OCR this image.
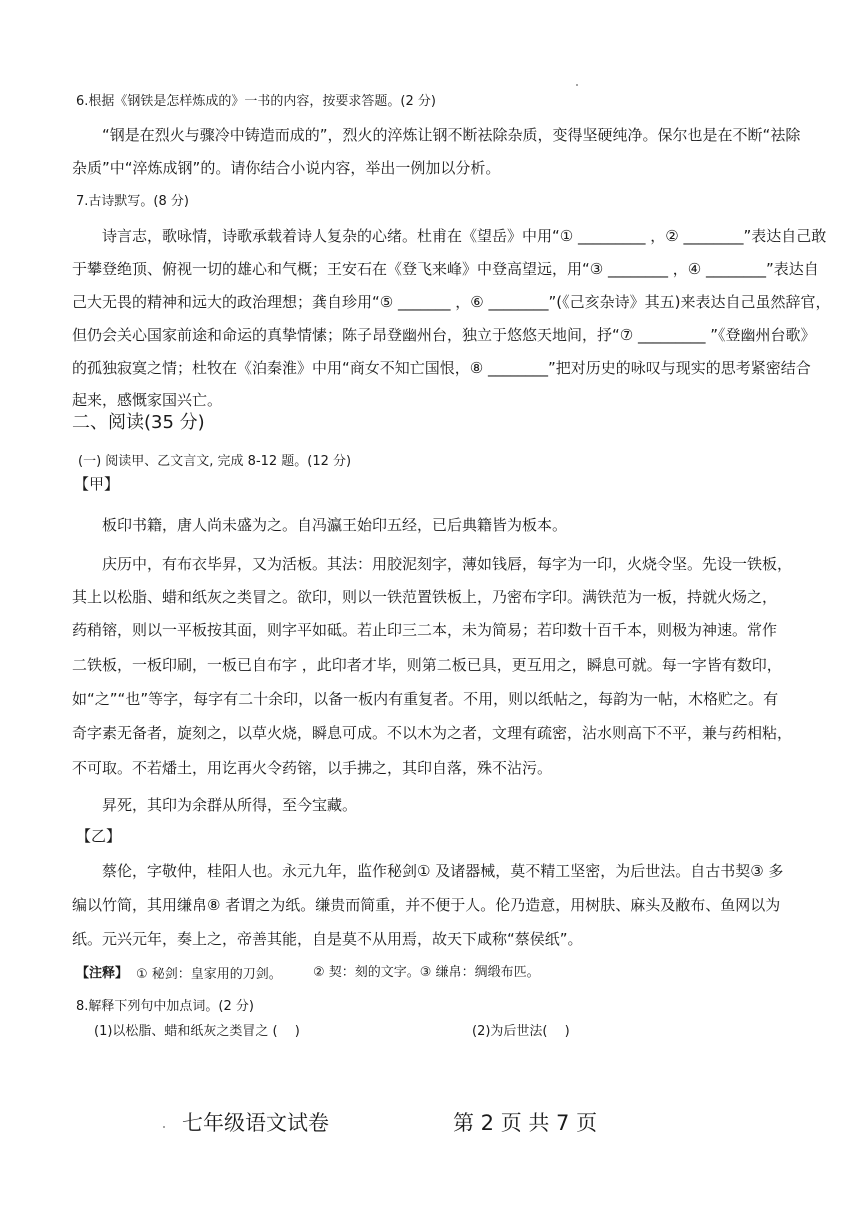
6.根据《钢铁是怎样炼成的》一书的内容，按要求答题。(2 分)
“钢是在烈火与骤冷中铸造而成的”，烈火的淬炼让钢不断祛除杂质，变得坚硬纯净。保尔也是在不断“祛除
杂质”中“淬炼成钢”的。请你结合小说内容，举出一例加以分析。
7.古诗默写。(8 分)
诗言志，歌咏情，诗歌承载着诗人复杂的心绪。杜甫在《望岳》中用“① _________ ，② ________”表达自己敢
于攀登绝顶、俯视一切的雄心和气概；王安石在《登飞来峰》中登高望远，用“③ ________ ，④ ________”表达自
己大无畏的精神和远大的政治理想；龚自珍用“⑤ _______ ，⑥ ________”(《己亥杂诗》其五)来表达自己虽然辞官，
但仍会关心国家前途和命运的真挚情愫；陈子昂登幽州台，独立于悠悠天地间，抒“⑦ _________ ”《登幽州台歌》
的孤独寂寞之情；杜牧在《泊秦淮》中用“商女不知亡国恨，⑧ ________”把对历史的咏叹与现实的思考紧密结合
起来，感慨家国兴亡。
二、阅读(35 分)
(一) 阅读甲、乙文言文, 完成 8-12 题。(12 分)
【甲】
板印书籍，唐人尚未盛为之。自冯瀛王始印五经，已后典籍皆为板本。
庆历中，有布衣毕昇，又为活板。其法：用胶泥刻字，薄如钱唇，每字为一印，火烧令坚。先设一铁板，
其上以松脂、蜡和纸灰之类冒之。欲印，则以一铁范置铁板上，乃密布字印。满铁范为一板，持就火炀之，
药稍镕，则以一平板按其面，则字平如砥。若止印三二本，未为简易；若印数十百千本，则极为神速。常作
二铁板，一板印刷，一板已自布字 ，此印者才毕，则第二板已具，更互用之，瞬息可就。每一字皆有数印，
如“之”“也”等字，每字有二十余印，以备一板内有重复者。不用，则以纸帖之，每韵为一帖，木格贮之。有
奇字素无备者，旋刻之，以草火烧，瞬息可成。不以木为之者，文理有疏密，沾水则高下不平，兼与药相粘，
不可取。不若燔土，用讫再火令药镕，以手拂之，其印自落，殊不沾污。
昇死，其印为余群从所得，至今宝藏。
【乙】
蔡伦，字敬仲，桂阳人也。永元九年，监作秘剑① 及诸器械，莫不精工坚密，为后世法。自古书契③ 多
编以竹简，其用缣帛⑧ 者谓之为纸。缣贵而简重，并不便于人。伦乃造意，用树肤、麻头及敝布、鱼网以为
纸。元兴元年，奏上之，帝善其能，自是莫不从用焉，故天下咸称“蔡侯纸”。
【注释】 ① 秘剑：皇家用的刀剑。 ② 契：刻的文字。③ 缣帛：绸缎布匹。
8.解释下列句中加点词。(2 分)
(1)以松脂、蜡和纸灰之类冒之 (　 )	(2)为后世法(　 )
七年级语文试卷	第 2 页 共 7 页
